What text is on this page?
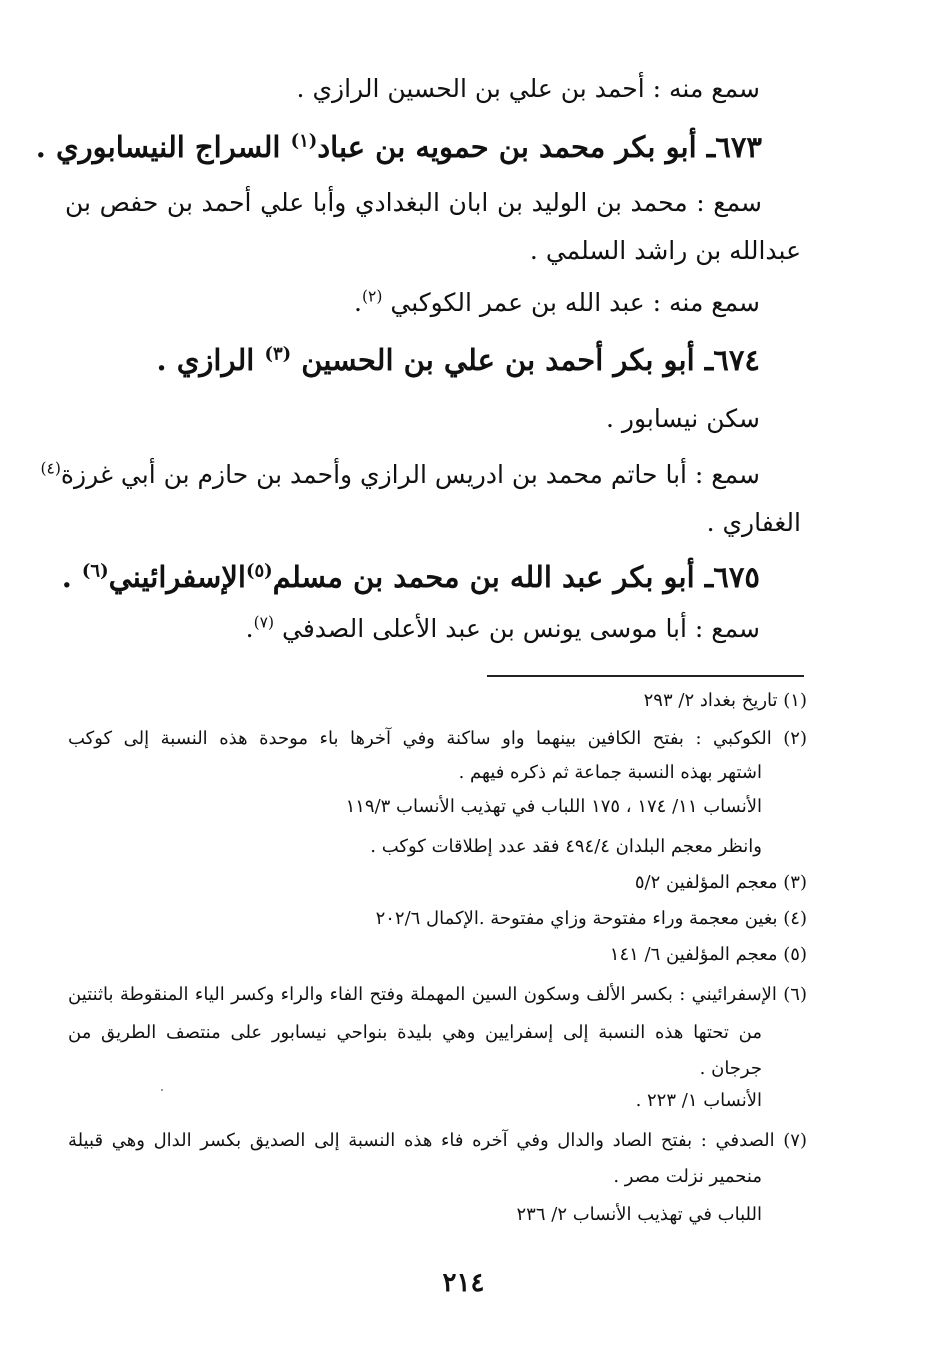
سمع منه : أحمد بن علي بن الحسين الرازي .
٦٧٣ـ أبو بكر محمد بن حمويه بن عباد$^{(١)}$ السراج النيسابوري .
سمع : محمد بن الوليد بن ابان البغدادي وأبا علي أحمد بن حفص بن
عبدالله بن راشد السلمي .
سمع منه : عبد الله بن عمر الكوكبي $^{(٢)}$.
٦٧٤ـ أبو بكر أحمد بن علي بن الحسين $^{(٣)}$ الرازي .
سكن نيسابور .
سمع : أبا حاتم محمد بن ادريس الرازي وأحمد بن حازم بن أبي غرزة$^{(٤)}$
الغفاري .
٦٧٥ـ أبو بكر عبد الله بن محمد بن مسلم$^{(٥)}$الإسفرائيني$^{(٦)}$ .
سمع : أبا موسى يونس بن عبد الأعلى الصدفي $^{(٧)}$.
(١) تاريخ بغداد ٢/ ٢٩٣
(٢) الكوكبي : بفتح الكافين بينهما واو ساكنة وفي آخرها باء موحدة هذه النسبة إلى كوكب
اشتهر بهذه النسبة جماعة ثم ذكره فيهم .
الأنساب ١١/ ١٧٤ ، ١٧٥ اللباب في تهذيب الأنساب ١١٩/٣
وانظر معجم البلدان ٤٩٤/٤ فقد عدد إطلاقات كوكب .
(٣) معجم المؤلفين ٥/٢
(٤) بغين معجمة وراء مفتوحة وزاي مفتوحة .الإكمال ٢٠٢/٦
(٥) معجم المؤلفين ٦/ ١٤١
(٦) الإسفرائيني : بكسر الألف وسكون السين المهملة وفتح الفاء والراء وكسر الياء المنقوطة باثنتين
من تحتها هذه النسبة إلى إسفرايين وهي بليدة بنواحي نيسابور على منتصف الطريق من
جرجان .
الأنساب ١/ ٢٢٣ .
(٧) الصدفي : بفتح الصاد والدال وفي آخره فاء هذه النسبة إلى الصديق بكسر الدال وهي قبيلة
منحمير نزلت مصر .
اللباب في تهذيب الأنساب ٢/ ٢٣٦
٢١٤
